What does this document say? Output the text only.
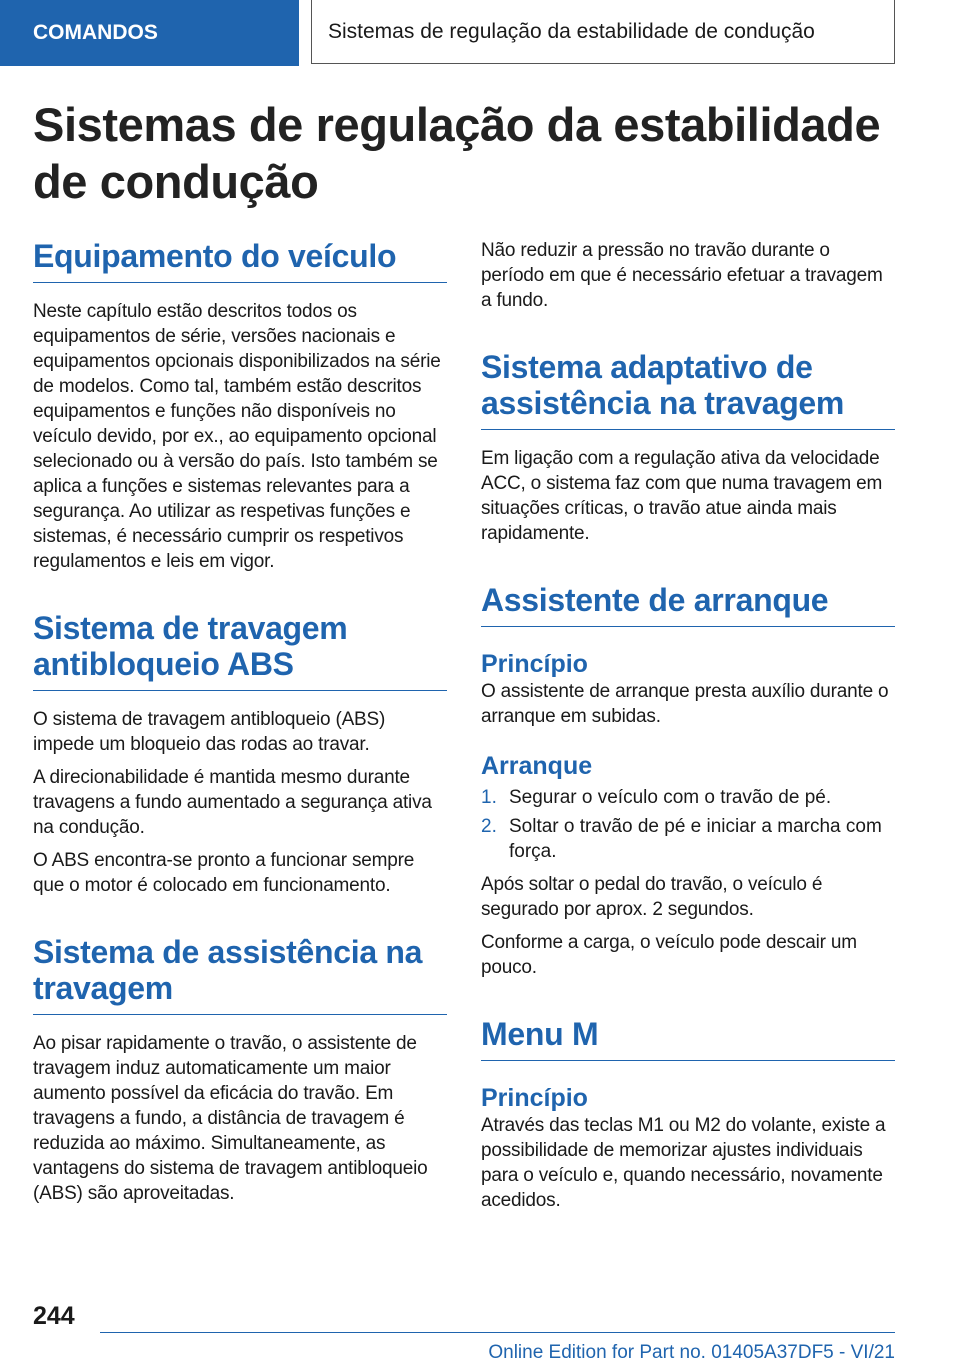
COMANDOS	Sistemas de regulação da estabilidade de condução
Sistemas de regulação da estabilidade de condução
Equipamento do veículo

Neste capítulo estão descritos todos os equipamentos de série, versões nacionais e equipamentos opcionais disponibilizados na série de modelos. Como tal, também estão descritos equipamentos e funções não disponíveis no veículo devido, por ex., ao equipamento opcional selecionado ou à versão do país. Isto também se aplica a funções e sistemas relevantes para a segurança. Ao utilizar as respetivas funções e sistemas, é necessário cumprir os respetivos regulamentos e leis em vigor.

Sistema de travagem antibloqueio ABS

O sistema de travagem antibloqueio (ABS) impede um bloqueio das rodas ao travar.

A direcionabilidade é mantida mesmo durante travagens a fundo aumentado a segurança ativa na condução.

O ABS encontra-se pronto a funcionar sempre que o motor é colocado em funcionamento.

Sistema de assistência na travagem

Ao pisar rapidamente o travão, o assistente de travagem induz automaticamente um maior aumento possível da eficácia do travão. Em travagens a fundo, a distância de travagem é reduzida ao máximo. Simultaneamente, as vantagens do sistema de travagem antibloqueio (ABS) são aproveitadas.

Não reduzir a pressão no travão durante o período em que é necessário efetuar a travagem a fundo.

Sistema adaptativo de assistência na travagem

Em ligação com a regulação ativa da velocidade ACC, o sistema faz com que numa travagem em situações críticas, o travão atue ainda mais rapidamente.

Assistente de arranque
Princípio

O assistente de arranque presta auxílio durante o arranque em subidas.

Arranque
1. Segurar o veículo com o travão de pé.
2. Soltar o travão de pé e iniciar a marcha com força.

Após soltar o pedal do travão, o veículo é segurado por aprox. 2 segundos.

Conforme a carga, o veículo pode descair um pouco.

Menu M
Princípio

Através das teclas M1 ou M2 do volante, existe a possibilidade de memorizar ajustes individuais para o veículo e, quando necessário, novamente acedidos.

244
Online Edition for Part no. 01405A37DF5 - VI/21
